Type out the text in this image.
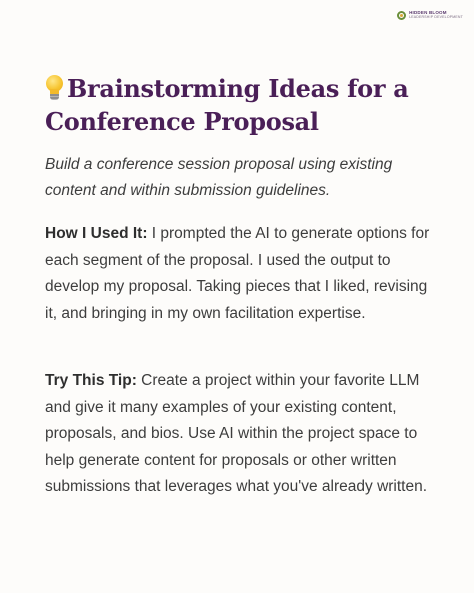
HIDDEN BLOOM
LEADERSHIP DEVELOPMENT
Brainstorming Ideas for a Conference Proposal

Build a conference session proposal using existing content and within submission guidelines.

How I Used It: I prompted the AI to generate options for each segment of the proposal. I used the output to develop my proposal. Taking pieces that I liked, revising it, and bringing in my own facilitation expertise.

Try This Tip: Create a project within your favorite LLM and give it many examples of your existing content, proposals, and bios. Use AI within the project space to help generate content for proposals or other written submissions that leverages what you've already written.
